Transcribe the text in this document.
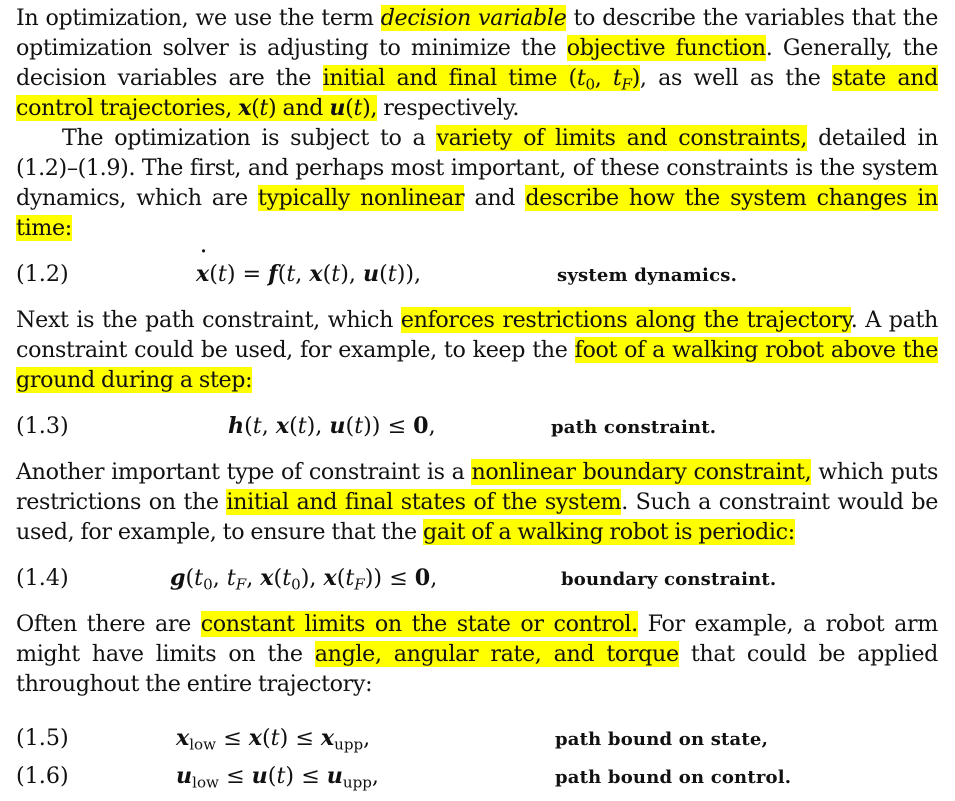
In optimization, we use the term decision variable to describe the variables that the optimization solver is adjusting to minimize the objective function. Generally, the decision variables are the initial and final time ($t_0$, $t_F$), as well as the state and control trajectories, x(t) and u(t), respectively.

The optimization is subject to a variety of limits and constraints, detailed in (1.2)–(1.9). The first, and perhaps most important, of these constraints is the system dynamics, which are typically nonlinear and describe how the system changes in time:

(1.2)	x ˙(t) = f(t, x(t), u(t)),	system dynamics.

Next is the path constraint, which enforces restrictions along the trajectory. A path constraint could be used, for example, to keep the foot of a walking robot above the ground during a step:

(1.3)	h(t, x(t), u(t)) ≤ 0,	path constraint.

Another important type of constraint is a nonlinear boundary constraint, which puts restrictions on the initial and final states of the system. Such a constraint would be used, for example, to ensure that the gait of a walking robot is periodic:

(1.4)	$g(t_0$, $t_F$, $x(t_0)$, $x(t_F)) \le 0$,	boundary constraint.

Often there are constant limits on the state or control. For example, a robot arm might have limits on the angle, angular rate, and torque that could be applied throughout the entire trajectory:

(1.5)	$x_{low} \le x(t) \le x_{upp}$,	path bound on state,
(1.6)	$u_{low} \le u(t) \le u_{upp}$,	path bound on control.
